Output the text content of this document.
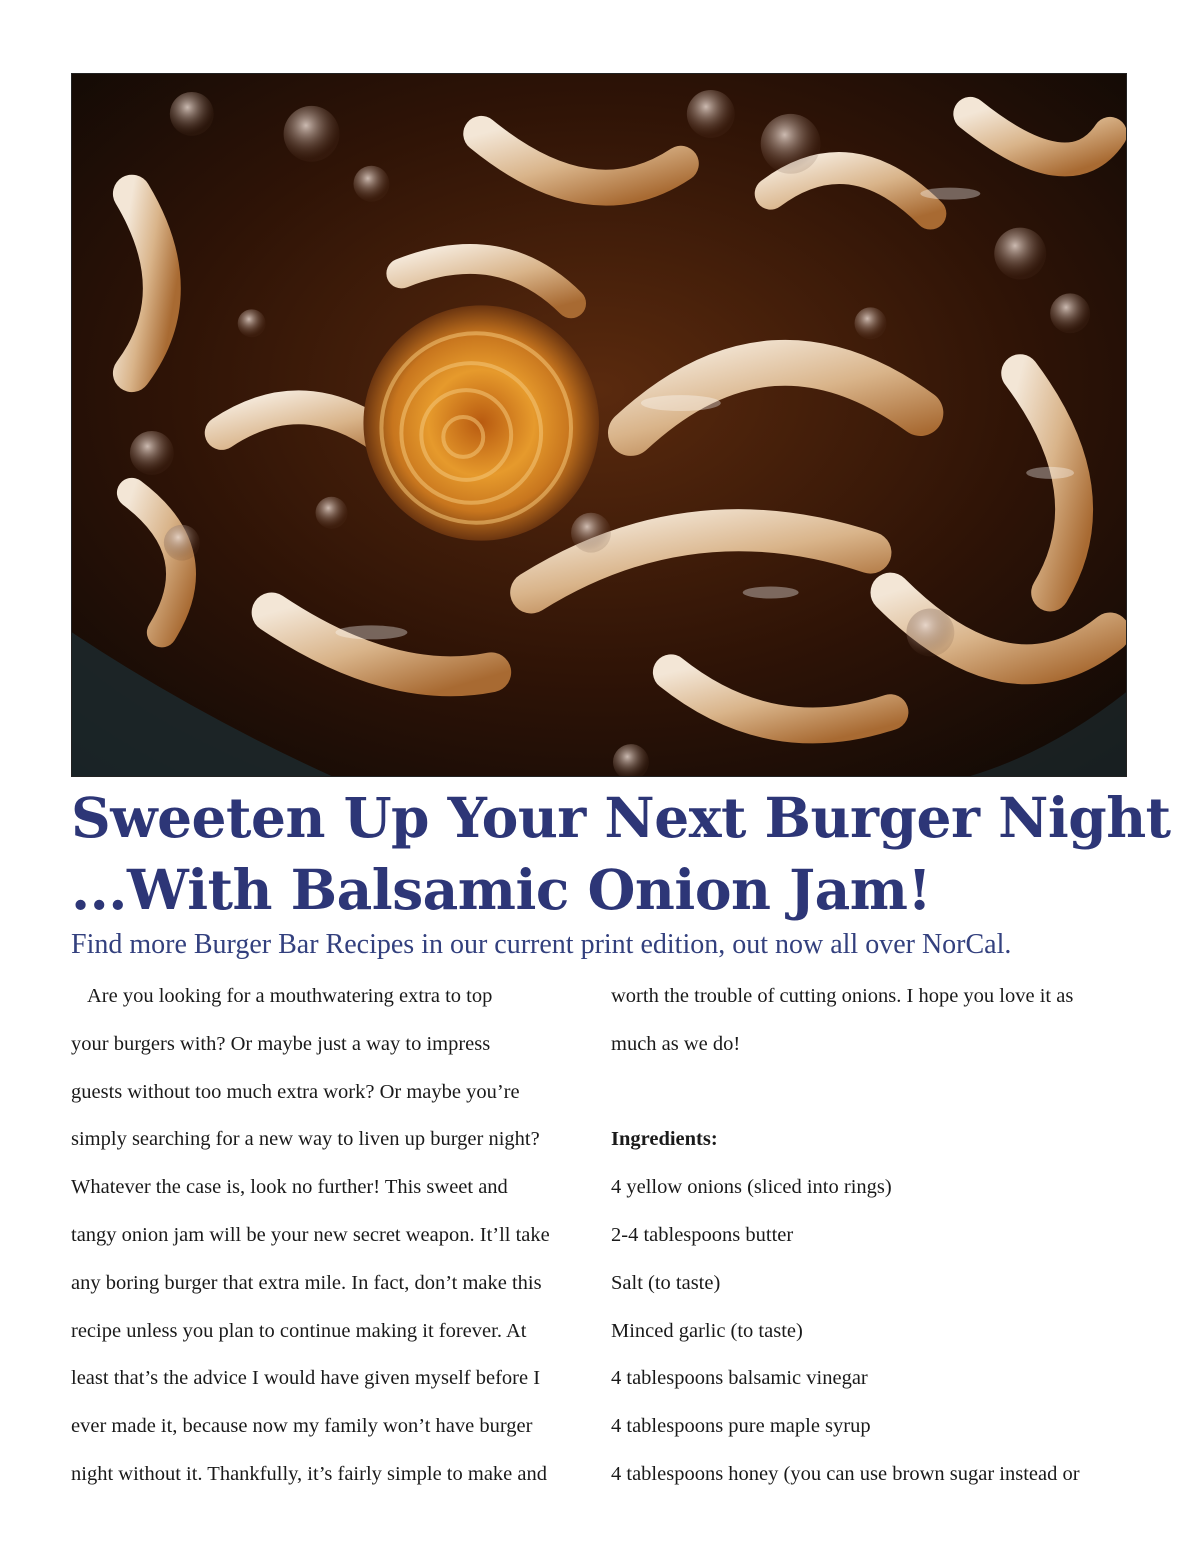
Sweeten Up Your Next Burger Night
...With Balsamic Onion Jam!

Find more Burger Bar Recipes in our current print edition, out now all over NorCal.

Are you looking for a mouthwatering extra to top
your burgers with? Or maybe just a way to impress
guests without too much extra work? Or maybe you’re
simply searching for a new way to liven up burger night?
Whatever the case is, look no further! This sweet and
tangy onion jam will be your new secret weapon. It’ll take
any boring burger that extra mile. In fact, don’t make this
recipe unless you plan to continue making it forever. At
least that’s the advice I would have given myself before I
ever made it, because now my family won’t have burger
night without it. Thankfully, it’s fairly simple to make and
worth the trouble of cutting onions. I hope you love it as
much as we do!
Ingredients:
4 yellow onions (sliced into rings)
2-4 tablespoons butter
Salt (to taste)
Minced garlic (to taste)
4 tablespoons balsamic vinegar
4 tablespoons pure maple syrup
4 tablespoons honey (you can use brown sugar instead or
